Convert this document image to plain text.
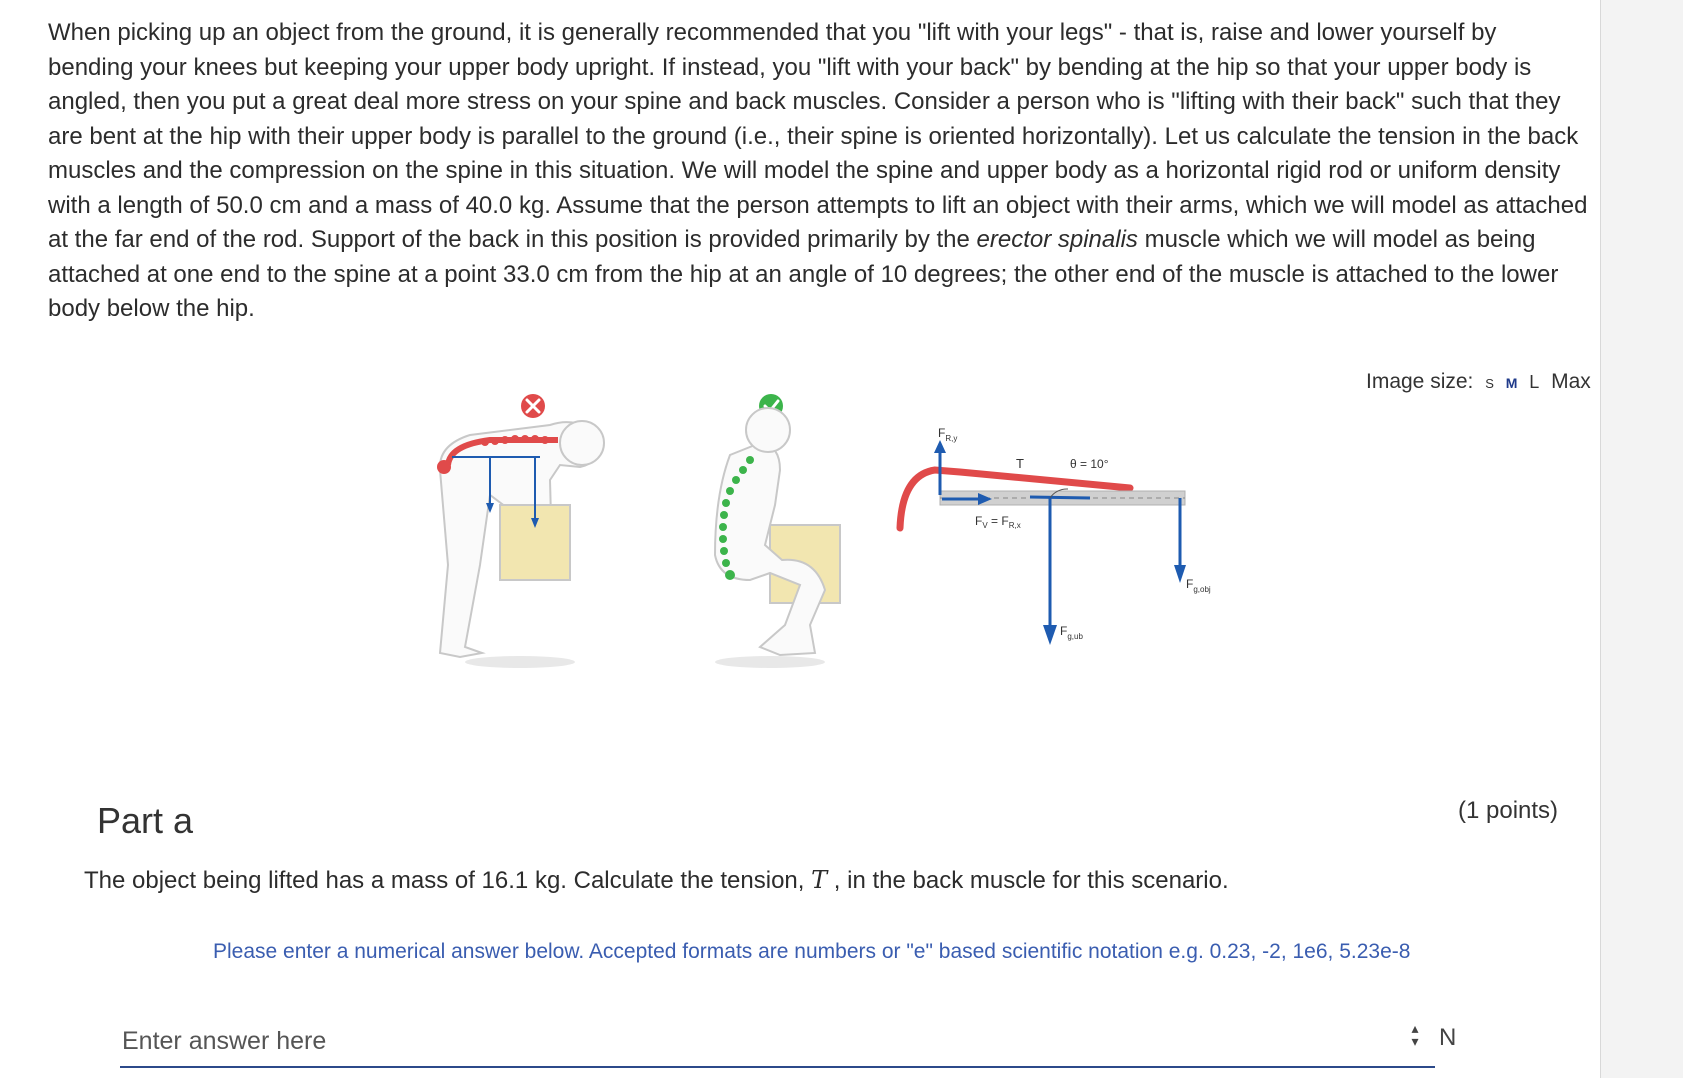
When picking up an object from the ground, it is generally recommended that you "lift with your legs" - that is, raise and lower yourself by bending your knees but keeping your upper body upright. If instead, you "lift with your back" by bending at the hip so that your upper body is angled, then you put a great deal more stress on your spine and back muscles. Consider a person who is "lifting with their back" such that they are bent at the hip with their upper body is parallel to the ground (i.e., their spine is oriented horizontally). Let us calculate the tension in the back muscles and the compression on the spine in this situation. We will model the spine and upper body as a horizontal rigid rod or uniform density with a length of 50.0 cm and a mass of 40.0 kg. Assume that the person attempts to lift an object with their arms, which we will model as attached at the far end of the rod. Support of the back in this position is provided primarily by the erector spinalis muscle which we will model as being attached at one end to the spine at a point 33.0 cm from the hip at an angle of 10 degrees; the other end of the muscle is attached to the lower body below the hip.
Image size: S M L Max
$F_{R,y}$
T	θ = 10°
$F_V = F_{R,x}$
$F_{g,ub}$
$F_{g,obj}$
Part a	(1 points)
The object being lifted has a mass of 16.1 kg. Calculate the tension, T , in the back muscle for this scenario.
Please enter a numerical answer below. Accepted formats are numbers or "e" based scientific notation e.g. 0.23, -2, 1e6, 5.23e-8
Enter answer here
▴
▾ N
